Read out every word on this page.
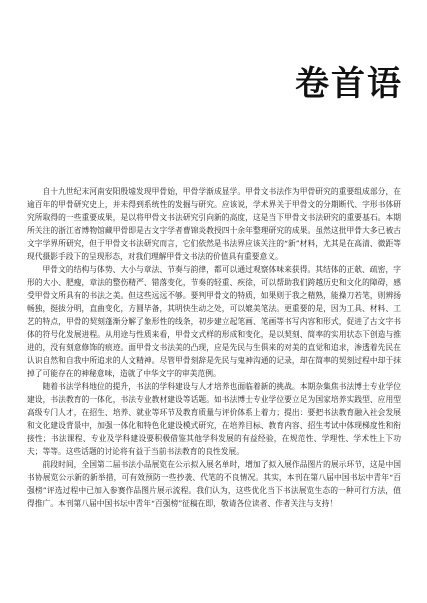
卷首语

自十九世纪末河南安阳殷墟发现甲骨始，甲骨学渐成显学。甲骨文书法作为甲骨研究的重要组成部分，在逾百年的甲骨研究史上，并未得到系统性的发掘与研究。应该说，学术界关于甲骨文的分期断代、字形书体研究所取得的一些重要成果，是以将甲骨文书法研究引向新的高度，这是当下甲骨文书法研究的重要基石。本期所关注的浙江省博物馆藏甲骨即是古文字学者曹锦炎教授四十余年整理研究的成果。虽然这批甲骨大多已被古文字学界所研究，但于甲骨文书法研究而言，它们依然是书法界应该关注的“新”材料，尤其是在高清、微距等现代摄影手段下的呈现形态，对我们理解甲骨文书法的价值具有重要意义。

甲骨文的结构与体势、大小与章法、节奏与韵律，都可以通过观察体味来获得。其结体的正欹、疏密，字形的大小、肥瘦，章法的整伤精严、错落变化，节奏的轻重、疾徐，可以帮助我们跨越历史和文化的障碍，感受甲骨文所具有的书法之美。但这些远远不够。要判甲骨文的特质，如果则于我之精熟，能操刀若笔，则辨扬畅独，挺拔分明，直曲变化，方圆毕备，其明快生动之处，可以媲美笔法。更重要的是，因为工具、材料、工艺的特点，甲骨的契刻蓬渐分解了象形性的线条，初步建立起笔画、笔画等书写内容和形式，促进了古文字书体的符号化发展进程。从用途与性质来看，甲骨文式样的形成和变化，是以契刻、简率的实用状态下创造与推进的，没有刻意修饰的痕迹。面甲骨文书法美的凸现，应是先民与生俱来的对美的直觉和追求，渗透着先民在认识自然和自我中所追求的人文精神。尽管甲骨刻辞是先民与鬼神沟通的记录，却在简率的契刻过程中却于抹掉了可能存在的神秘意味，造就了中华文字的审美范例。

随着书法学科地位的提升，书法的学科建设与人才培养也面临着新的挑战。本期杂集焦书法博士专业学位建设，书法教育的一体化，书法专业教材建设等话题。如书法博士专业学位要立足为国家培养实践型、应用型高级专门人才，在招生、培养、就业等环节及教育质量与评价体系上着力；提出：要把书法教育融入社会发展和文化建设背景中，加强一体化和特色化建设模式研究，在培养目标、教育内容、招生考试中体现梯度性和衔接性；书法课程、专业及学科建设要积极借鉴其他学科发展的有益经验，在规范性、学理性、学术性上下功夫；等等。这些话题的讨论将有益于当前书法教育的良性发展。

前段时间，全国第二届书法小品展览在公示拟入展名单时，增加了拟入展作品图片的展示环节，这是中国书协展览公示新的新举措，可有效预防一些抄袭、代笔的不良情况。其实，本刊在第八届中国书坛中青年“百强榜”评选过程中已加入参赛作品图片展示流程。我们认为，这些优化当下书法展览生态的一种可行方法，值得推广。本刊第八届中国书坛中青年“百强榜”征稿在即，敬请各位读者、作者关注与支持！
